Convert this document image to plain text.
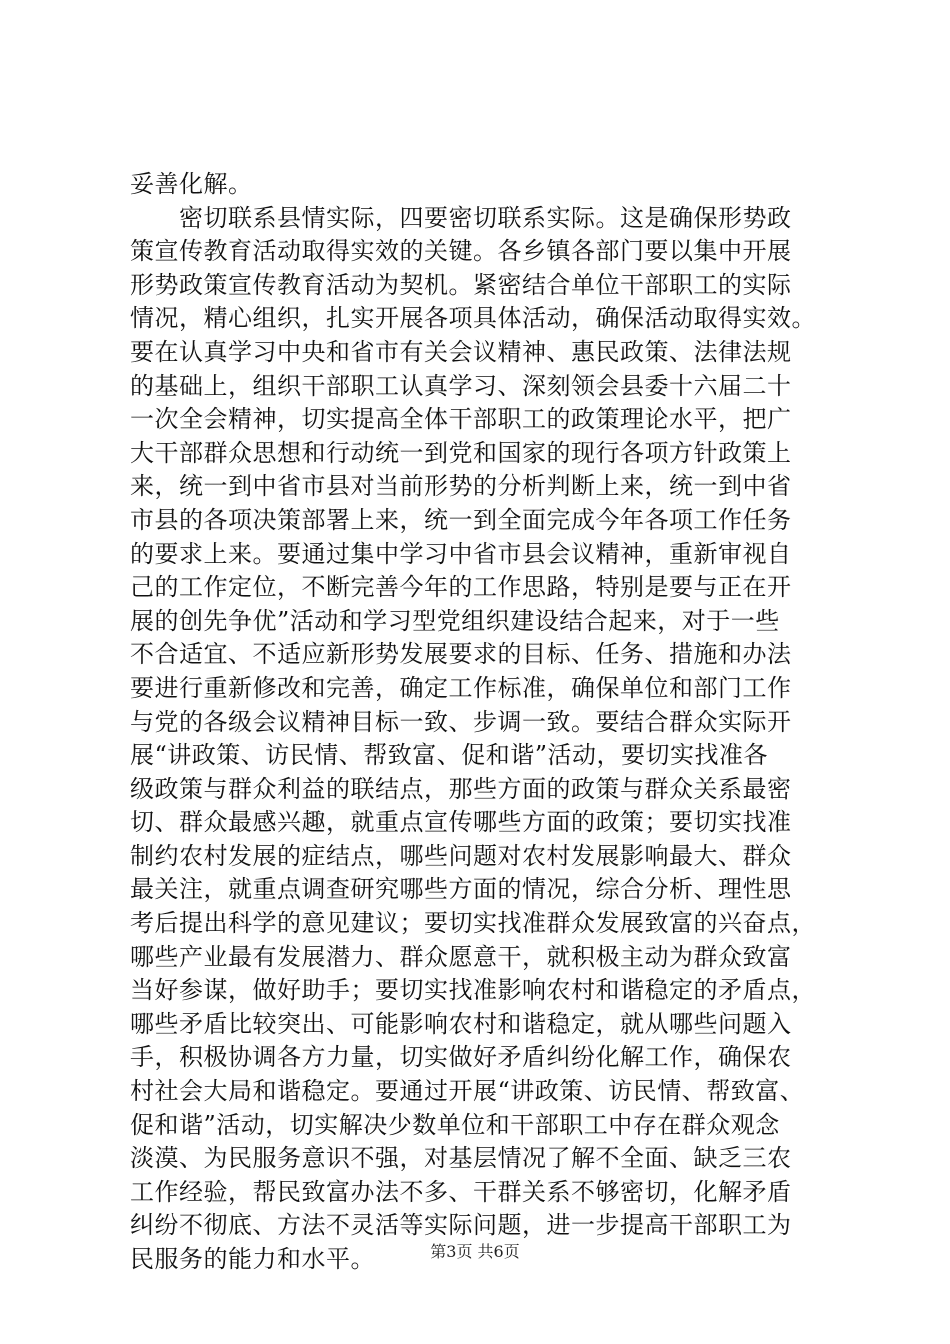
妥善化解。
　　密切联系县情实际，四要密切联系实际。这是确保形势政
策宣传教育活动取得实效的关键。各乡镇各部门要以集中开展
形势政策宣传教育活动为契机。紧密结合单位干部职工的实际
情况，精心组织，扎实开展各项具体活动，确保活动取得实效。
要在认真学习中央和省市有关会议精神、惠民政策、法律法规
的基础上，组织干部职工认真学习、深刻领会县委十六届二十
一次全会精神，切实提高全体干部职工的政策理论水平，把广
大干部群众思想和行动统一到党和国家的现行各项方针政策上
来，统一到中省市县对当前形势的分析判断上来，统一到中省
市县的各项决策部署上来，统一到全面完成今年各项工作任务
的要求上来。要通过集中学习中省市县会议精神，重新审视自
己的工作定位，不断完善今年的工作思路，特别是要与正在开
展的创先争优”活动和学习型党组织建设结合起来，对于一些
不合适宜、不适应新形势发展要求的目标、任务、措施和办法
要进行重新修改和完善，确定工作标准，确保单位和部门工作
与党的各级会议精神目标一致、步调一致。要结合群众实际开
展“讲政策、访民情、帮致富、促和谐”活动，要切实找准各
级政策与群众利益的联结点，那些方面的政策与群众关系最密
切、群众最感兴趣，就重点宣传哪些方面的政策；要切实找准
制约农村发展的症结点，哪些问题对农村发展影响最大、群众
最关注，就重点调查研究哪些方面的情况，综合分析、理性思
考后提出科学的意见建议；要切实找准群众发展致富的兴奋点，
哪些产业最有发展潜力、群众愿意干，就积极主动为群众致富
当好参谋，做好助手；要切实找准影响农村和谐稳定的矛盾点，
哪些矛盾比较突出、可能影响农村和谐稳定，就从哪些问题入
手，积极协调各方力量，切实做好矛盾纠纷化解工作，确保农
村社会大局和谐稳定。要通过开展“讲政策、访民情、帮致富、
促和谐”活动，切实解决少数单位和干部职工中存在群众观念
淡漠、为民服务意识不强，对基层情况了解不全面、缺乏三农
工作经验，帮民致富办法不多、干群关系不够密切，化解矛盾
纠纷不彻底、方法不灵活等实际问题，进一步提高干部职工为
民服务的能力和水平。	第3页 共6页
